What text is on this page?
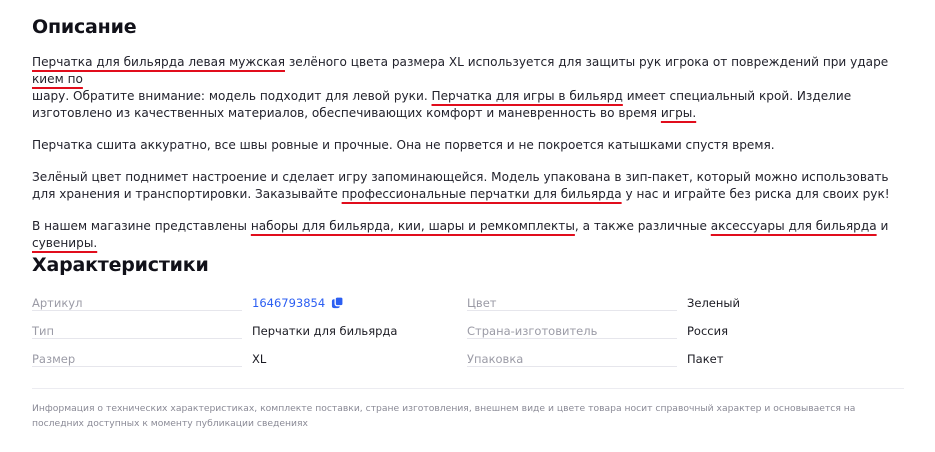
Описание

Перчатка для бильярда левая мужская зелёного цвета размера XL используется для защиты рук игрока от повреждений при ударе кием по
шару. Обратите внимание: модель подходит для левой руки. Перчатка для игры в бильярд имеет специальный крой. Изделие изготовлено из качественных материалов, обеспечивающих комфорт и маневренность во время игры.

Перчатка сшита аккуратно, все швы ровные и прочные. Она не порвется и не покроется катышками спустя время.

Зелёный цвет поднимет настроение и сделает игру запоминающейся. Модель упакована в зип-пакет, который можно использовать для хранения и транспортировки. Заказывайте профессиональные перчатки для бильярда у нас и играйте без риска для своих рук!

В нашем магазине представлены наборы для бильярда, кии, шары и ремкомплекты, а также различные аксессуары для бильярда и сувениры.

Характеристики
Артикул	1646793854
Тип	Перчатки для бильярда
Размер	XL
Цвет	Зеленый
Страна-изготовитель	Россия
Упаковка	Пакет
Информация о технических характеристиках, комплекте поставки, стране изготовления, внешнем виде и цвете товара носит справочный характер и основывается на последних доступных к моменту публикации сведениях
